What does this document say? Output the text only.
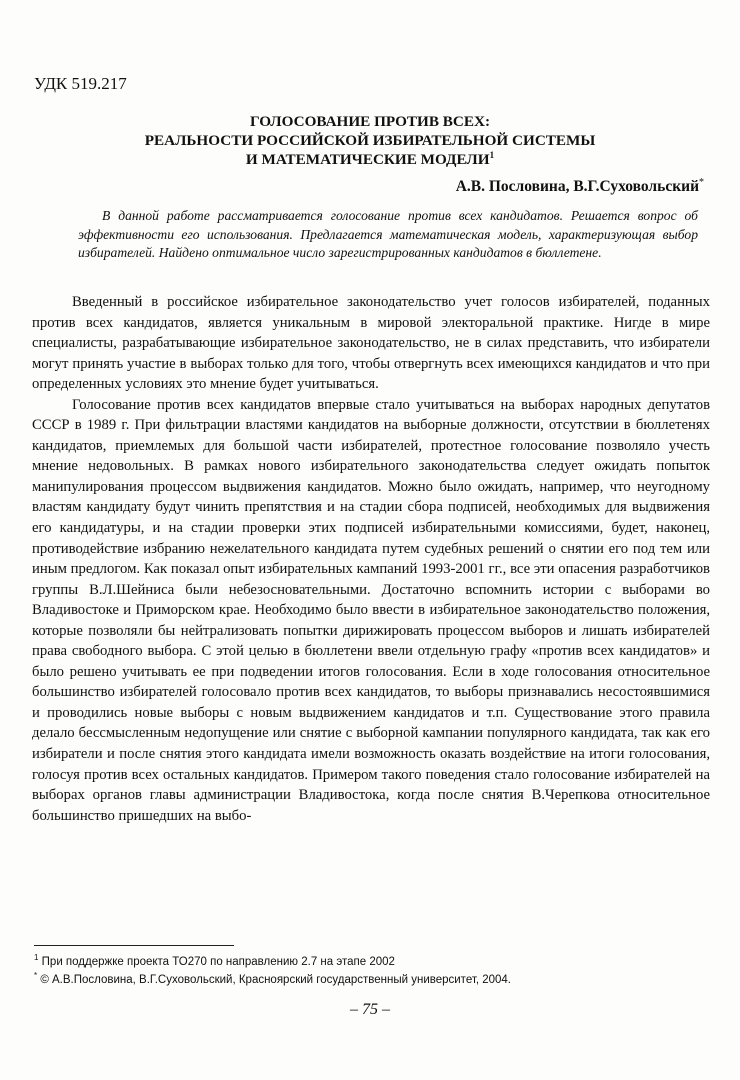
УДК 519.217
ГОЛОСОВАНИЕ ПРОТИВ ВСЕХ:
РЕАЛЬНОСТИ РОССИЙСКОЙ ИЗБИРАТЕЛЬНОЙ СИСТЕМЫ
И МАТЕМАТИЧЕСКИЕ МОДЕЛИ$^1$
А.В. Пословина, В.Г.Суховольский*
В данной работе рассматривается голосование против всех кандидатов. Решается вопрос об эффективности его использования. Предлагается математическая модель, характеризующая выбор избирателей. Найдено оптимальное число зарегистрированных кандидатов в бюллетене.

Введенный в российское избирательное законодательство учет голосов избирателей, поданных против всех кандидатов, является уникальным в мировой электоральной практике. Нигде в мире специалисты, разрабатывающие избирательное законодательство, не в силах представить, что избиратели могут принять участие в выборах только для того, чтобы отвергнуть всех имеющихся кандидатов и что при определенных условиях это мнение будет учитываться.

Голосование против всех кандидатов впервые стало учитываться на выборах народных депутатов СССР в 1989 г. При фильтрации властями кандидатов на выборные должности, отсутствии в бюллетенях кандидатов, приемлемых для большой части избирателей, протестное голосование позволяло учесть мнение недовольных. В рамках нового избирательного законодательства следует ожидать попыток манипулирования процессом выдвижения кандидатов. Можно было ожидать, например, что неугодному властям кандидату будут чинить препятствия и на стадии сбора подписей, необходимых для выдвижения его кандидатуры, и на стадии проверки этих подписей избирательными комиссиями, будет, наконец, противодействие избранию нежелательного кандидата путем судебных решений о снятии его под тем или иным предлогом. Как показал опыт избирательных кампаний 1993-2001 гг., все эти опасения разработчиков группы В.Л.Шейниса были небезосновательными. Достаточно вспомнить истории с выборами во Владивостоке и Приморском крае. Необходимо было ввести в избирательное законодательство положения, которые позволяли бы нейтрализовать попытки дирижировать процессом выборов и лишать избирателей права свободного выбора. С этой целью в бюллетени ввели отдельную графу «против всех кандидатов» и было решено учитывать ее при подведении итогов голосования. Если в ходе голосования относительное большинство избирателей голосовало против всех кандидатов, то выборы признавались несостоявшимися и проводились новые выборы с новым выдвижением кандидатов и т.п. Существование этого правила делало бессмысленным недопущение или снятие с выборной кампании популярного кандидата, так как его избиратели и после снятия этого кандидата имели возможность оказать воздействие на итоги голосования, голосуя против всех остальных кандидатов. Примером такого поведения стало голосование избирателей на выборах органов главы администрации Владивостока, когда после снятия В.Черепкова относительное большинство пришедших на выбо-

$^1$ При поддержке проекта ТО270 по направлению 2.7 на этапе 2002
* © А.В.Пословина, В.Г.Суховольский, Красноярский государственный университет, 2004.
– 75 –
